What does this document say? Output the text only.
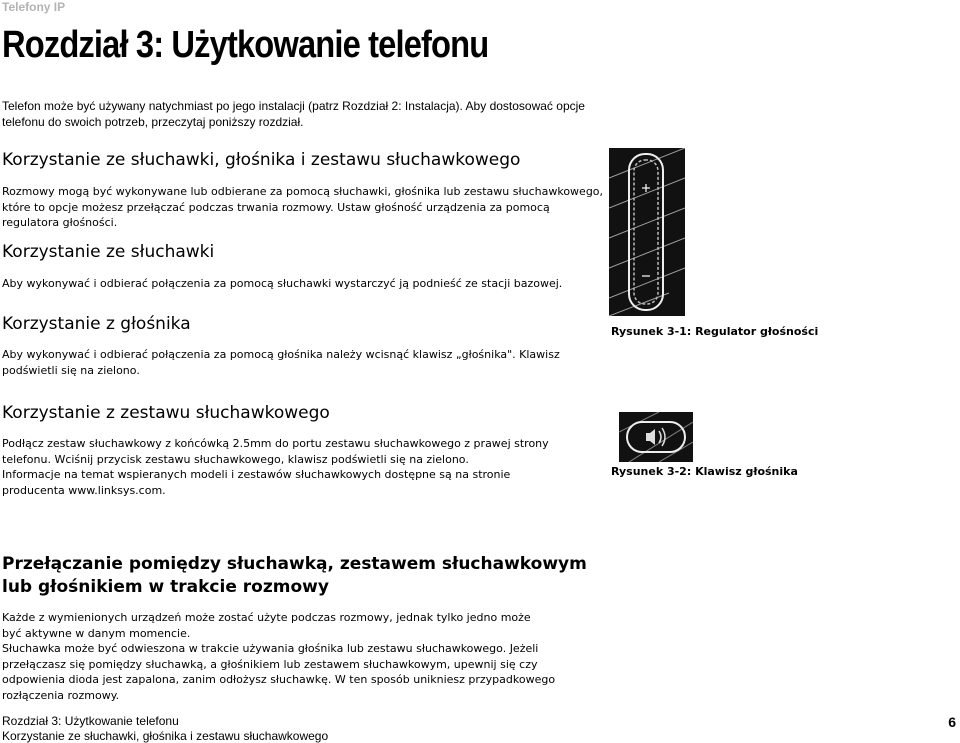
Telefony IP
Rozdział 3: Użytkowanie telefonu
Telefon może być używany natychmiast po jego instalacji (patrz Rozdział 2: Instalacja). Aby dostosować opcje
telefonu do swoich potrzeb, przeczytaj poniższy rozdział.
Korzystanie ze słuchawki, głośnika i zestawu słuchawkowego
Rozmowy mogą być wykonywane lub odbierane za pomocą słuchawki, głośnika lub zestawu słuchawkowego,
które to opcje możesz przełączać podczas trwania rozmowy. Ustaw głośność urządzenia za pomocą
regulatora głośności.
Korzystanie ze słuchawki
Aby wykonywać i odbierać połączenia za pomocą słuchawki wystarczyć ją podnieść ze stacji bazowej.
Korzystanie z głośnika
Aby wykonywać i odbierać połączenia za pomocą głośnika należy wcisnąć klawisz „głośnika". Klawisz
podświetli się na zielono.
Korzystanie z zestawu słuchawkowego
Podłącz zestaw słuchawkowy z końcówką 2.5mm do portu zestawu słuchawkowego z prawej strony
telefonu. Wciśnij przycisk zestawu słuchawkowego, klawisz podświetli się na zielono.
Informacje na temat wspieranych modeli i zestawów słuchawkowych dostępne są na stronie
producenta www.linksys.com.
Przełączanie pomiędzy słuchawką, zestawem słuchawkowym
lub głośnikiem w trakcie rozmowy
Każde z wymienionych urządzeń może zostać użyte podczas rozmowy, jednak tylko jedno może
być aktywne w danym momencie.
Słuchawka może być odwieszona w trakcie używania głośnika lub zestawu słuchawkowego. Jeżeli
przełączasz się pomiędzy słuchawką, a głośnikiem lub zestawem słuchawkowym, upewnij się czy
odpowienia dioda jest zapalona, zanim odłożysz słuchawkę. W ten sposób unikniesz przypadkowego
rozłączenia rozmowy.
Rysunek 3-1: Regulator głośności
Rysunek 3-2: Klawisz głośnika
Rozdział 3: Użytkowanie telefonu
Korzystanie ze słuchawki, głośnika i zestawu słuchawkowego
6
